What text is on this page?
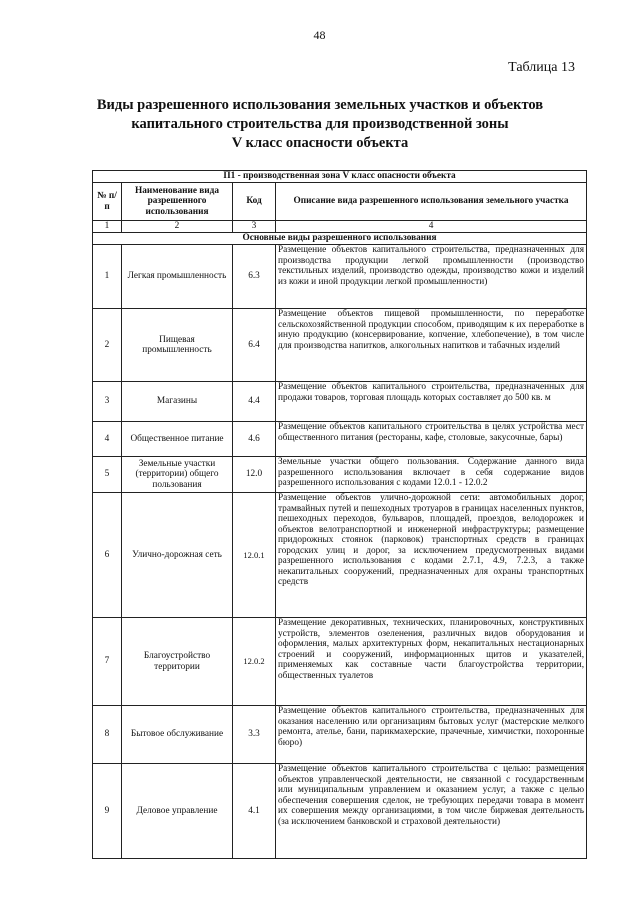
48
Таблица 13
Виды разрешенного использования земельных участков и объектов
капитального строительства для производственной зоны
V класс опасности объекта
П1 - производственная зона V класс опасности объекта			
№ п/п	Наименование вида разрешенного использования	Код	Описание вида разрешенного использования земельного участка
1	2	3	4
Основные виды разрешенного использования			
1	Легкая промышленность	6.3	Размещение объектов капитального строительства, предназначенных для производства продукции легкой промышленности (производство текстильных изделий, производство одежды, производство кожи и изделий из кожи и иной продукции легкой промышленности)
2	Пищевая промышленность	6.4	Размещение объектов пищевой промышленности, по переработке сельскохозяйственной продукции способом, приводящим к их переработке в иную продукцию (консервирование, копчение, хлебопечение), в том числе для производства напитков, алкогольных напитков и табачных изделий
3	Магазины	4.4	Размещение объектов капитального строительства, предназначенных для продажи товаров, торговая площадь которых составляет до 500 кв. м
4	Общественное питание	4.6	Размещение объектов капитального строительства в целях устройства мест общественного питания (рестораны, кафе, столовые, закусочные, бары)
5	Земельные участки (территории) общего пользования	12.0	Земельные участки общего пользования. Содержание данного вида разрешенного использования включает в себя содержание видов разрешенного использования с кодами 12.0.1 - 12.0.2
6	Улично-дорожная сеть	12.0.1	Размещение объектов улично-дорожной сети: автомобильных дорог, трамвайных путей и пешеходных тротуаров в границах населенных пунктов, пешеходных переходов, бульваров, площадей, проездов, велодорожек и объектов велотранспортной и инженерной инфраструктуры; размещение придорожных стоянок (парковок) транспортных средств в границах городских улиц и дорог, за исключением предусмотренных видами разрешенного использования с кодами 2.7.1, 4.9, 7.2.3, а также некапитальных сооружений, предназначенных для охраны транспортных средств
7	Благоустройство территории	12.0.2	Размещение декоративных, технических, планировочных, конструктивных устройств, элементов озеленения, различных видов оборудования и оформления, малых архитектурных форм, некапитальных нестационарных строений и сооружений, информационных щитов и указателей, применяемых как составные части благоустройства территории, общественных туалетов
8	Бытовое обслуживание	3.3	Размещение объектов капитального строительства, предназначенных для оказания населению или организациям бытовых услуг (мастерские мелкого ремонта, ателье, бани, парикмахерские, прачечные, химчистки, похоронные бюро)
9	Деловое управление	4.1	Размещение объектов капитального строительства с целью: размещения объектов управленческой деятельности, не связанной с государственным или муниципальным управлением и оказанием услуг, а также с целью обеспечения совершения сделок, не требующих передачи товара в момент их совершения между организациями, в том числе биржевая деятельность (за исключением банковской и страховой деятельности)
